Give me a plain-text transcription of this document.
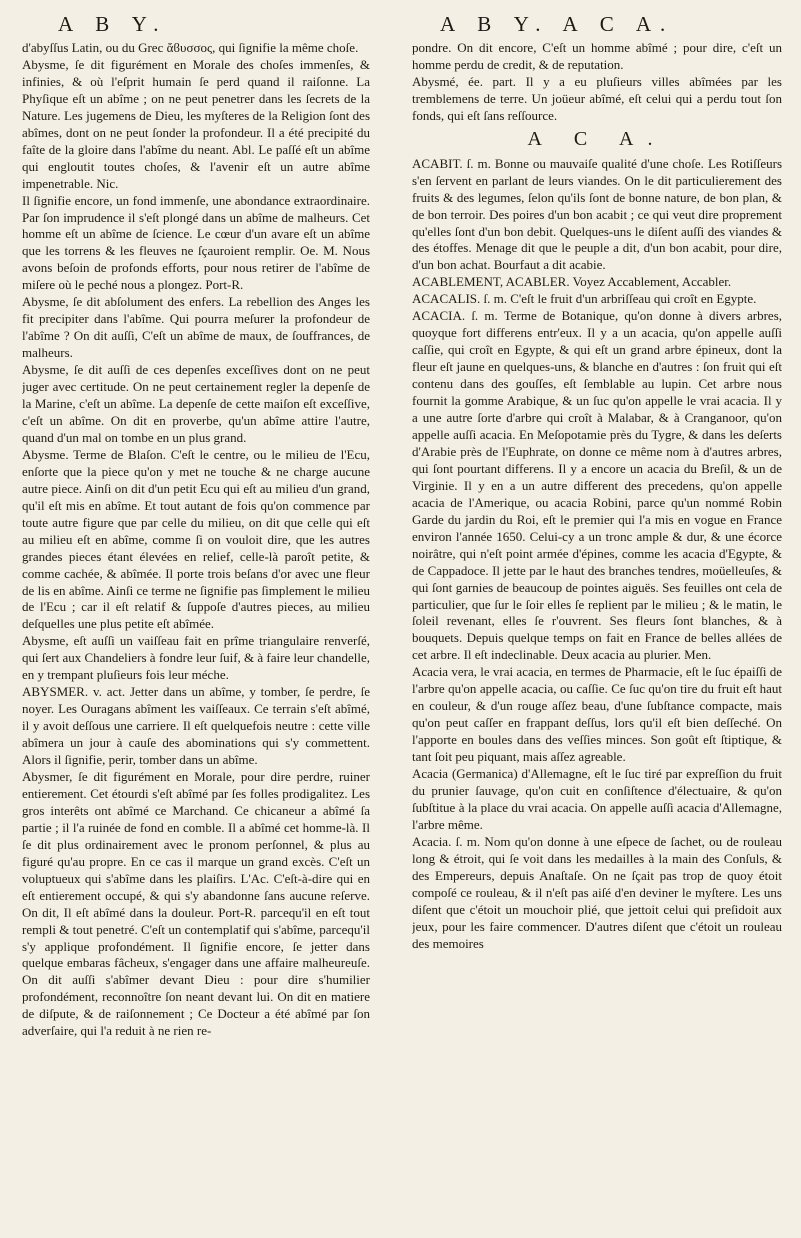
A B Y.	A B Y. A C A.

d'abyſſus Latin, ou du Grec ἄϐυσσος, qui ſignifie la même choſe.

Abysme, ſe dit figurément en Morale des choſes immenſes, & infinies, & où l'eſprit humain ſe perd quand il raiſonne. La Phyſique eſt un abîme ; on ne peut penetrer dans les ſecrets de la Nature. Les jugemens de Dieu, les myſteres de la Religion ſont des abîmes, dont on ne peut ſonder la profondeur. Il a été precipité du faîte de la gloire dans l'abîme du neant. Abl. Le paſſé eſt un abîme qui engloutit toutes choſes, & l'avenir eſt un autre abîme impenetrable. Nic.

Il ſignifie encore, un fond immenſe, une abondance extraordinaire. Par ſon imprudence il s'eſt plongé dans un abîme de malheurs. Cet homme eſt un abîme de ſcience. Le cœur d'un avare eſt un abîme que les torrens & les fleuves ne ſçauroient remplir. Oe. M. Nous avons beſoin de profonds efforts, pour nous retirer de l'abîme de miſere où le peché nous a plongez. Port-R.

Abysme, ſe dit abſolument des enfers. La rebellion des Anges les fit precipiter dans l'abîme. Qui pourra meſurer la profondeur de l'abîme ? On dit auſſi, C'eſt un abîme de maux, de ſouffrances, de malheurs.

Abysme, ſe dit auſſi de ces depenſes exceſſives dont on ne peut juger avec certitude. On ne peut certainement regler la depenſe de la Marine, c'eſt un abîme. La depenſe de cette maiſon eſt exceſſive, c'eſt un abîme. On dit en proverbe, qu'un abîme attire l'autre, quand d'un mal on tombe en un plus grand.

Abysme. Terme de Blaſon. C'eſt le centre, ou le milieu de l'Ecu, enſorte que la piece qu'on y met ne touche & ne charge aucune autre piece. Ainſi on dit d'un petit Ecu qui eſt au milieu d'un grand, qu'il eſt mis en abîme. Et tout autant de fois qu'on commence par toute autre figure que par celle du milieu, on dit que celle qui eſt au milieu eſt en abîme, comme ſi on vouloit dire, que les autres grandes pieces étant élevées en relief, celle-là paroît petite, & comme cachée, & abîmée. Il porte trois beſans d'or avec une fleur de lis en abîme. Ainſi ce terme ne ſignifie pas ſimplement le milieu de l'Ecu ; car il eſt relatif & ſuppoſe d'autres pieces, au milieu deſquelles une plus petite eſt abîmée.

Abysme, eſt auſſi un vaiſſeau fait en prîme triangulaire renverſé, qui ſert aux Chandeliers à fondre leur ſuif, & à faire leur chandelle, en y trempant pluſieurs fois leur méche.

ABYSMER. v. act. Jetter dans un abîme, y tomber, ſe perdre, ſe noyer. Les Ouragans abîment les vaiſſeaux. Ce terrain s'eſt abîmé, il y avoit deſſous une carriere. Il eſt quelquefois neutre : cette ville abîmera un jour à cauſe des abominations qui s'y commettent. Alors il ſignifie, perir, tomber dans un abîme.

Abysmer, ſe dit figurément en Morale, pour dire perdre, ruiner entierement. Cet étourdi s'eſt abîmé par ſes folles prodigalitez. Les gros interêts ont abîmé ce Marchand. Ce chicaneur a abîmé ſa partie ; il l'a ruinée de fond en comble. Il a abîmé cet homme-là. Il ſe dit plus ordinairement avec le pronom perſonnel, & plus au figuré qu'au propre. En ce cas il marque un grand excès. C'eſt un voluptueux qui s'abîme dans les plaiſirs. L'Ac. C'eſt-à-dire qui en eſt entierement occupé, & qui s'y abandonne ſans aucune reſerve. On dit, Il eſt abîmé dans la douleur. Port-R. parcequ'il en eſt tout rempli & tout penetré. C'eſt un contemplatif qui s'abîme, parcequ'il s'y applique profondément. Il ſignifie encore, ſe jetter dans quelque embaras fâcheux, s'engager dans une affaire malheureuſe. On dit auſſi s'abîmer devant Dieu : pour dire s'humilier profondément, reconnoître ſon neant devant lui. On dit en matiere de diſpute, & de raiſonnement ; Ce Docteur a été abîmé par ſon adverſaire, qui l'a reduit à ne rien re-

pondre. On dit encore, C'eſt un homme abîmé ; pour dire, c'eſt un homme perdu de credit, & de reputation.

Abysmé, ée. part. Il y a eu pluſieurs villes abîmées par les tremblemens de terre. Un joüeur abîmé, eſt celui qui a perdu tout ſon fonds, qui eſt ſans reſſource.

A C A.

ACABIT. ſ. m. Bonne ou mauvaiſe qualité d'une choſe. Les Rotiſſeurs s'en ſervent en parlant de leurs viandes. On le dit particulierement des fruits & des legumes, ſelon qu'ils ſont de bonne nature, de bon plan, & de bon terroir. Des poires d'un bon acabit ; ce qui veut dire proprement qu'elles ſont d'un bon debit. Quelques-uns le diſent auſſi des viandes & des étoffes. Menage dit que le peuple a dit, d'un bon acabit, pour dire, d'un bon achat. Bourfaut a dit acabie.

ACABLEMENT, ACABLER. Voyez Accablement, Accabler.

ACACALIS. ſ. m. C'eſt le fruit d'un arbriſſeau qui croît en Egypte.

ACACIA. ſ. m. Terme de Botanique, qu'on donne à divers arbres, quoyque fort differens entr'eux. Il y a un acacia, qu'on appelle auſſi caſſie, qui croît en Egypte, & qui eſt un grand arbre épineux, dont la fleur eſt jaune en quelques-uns, & blanche en d'autres : ſon fruit qui eſt contenu dans des gouſſes, eſt ſemblable au lupin. Cet arbre nous fournit la gomme Arabique, & un ſuc qu'on appelle le vrai acacia. Il y a une autre ſorte d'arbre qui croît à Malabar, & à Cranganoor, qu'on appelle auſſi acacia. En Meſopotamie près du Tygre, & dans les deſerts d'Arabie près de l'Euphrate, on donne ce même nom à d'autres arbres, qui ſont pourtant differens. Il y a encore un acacia du Breſil, & un de Virginie. Il y en a un autre different des precedens, qu'on appelle acacia de l'Amerique, ou acacia Robini, parce qu'un nommé Robin Garde du jardin du Roi, eſt le premier qui l'a mis en vogue en France environ l'année 1650. Celui-cy a un tronc ample & dur, & une écorce noirâtre, qui n'eſt point armée d'épines, comme les acacia d'Egypte, & de Cappadoce. Il jette par le haut des branches tendres, moüelleuſes, & qui ſont garnies de beaucoup de pointes aiguës. Ses feuilles ont cela de particulier, que ſur le ſoir elles ſe replient par le milieu ; & le matin, le ſoleil revenant, elles ſe r'ouvrent. Ses fleurs ſont blanches, & à bouquets. Depuis quelque temps on fait en France de belles allées de cet arbre. Il eſt indeclinable. Deux acacia au plurier. Men.

Acacia vera, le vrai acacia, en termes de Pharmacie, eſt le ſuc épaiſſi de l'arbre qu'on appelle acacia, ou caſſie. Ce ſuc qu'on tire du fruit eſt haut en couleur, & d'un rouge aſſez beau, d'une ſubſtance compacte, mais qu'on peut caſſer en frappant deſſus, lors qu'il eſt bien deſſeché. On l'apporte en boules dans des veſſies minces. Son goût eſt ſtiptique, & tant ſoit peu piquant, mais aſſez agreable.

Acacia (Germanica) d'Allemagne, eſt le ſuc tiré par expreſſion du fruit du prunier ſauvage, qu'on cuit en conſiſtence d'électuaire, & qu'on ſubſtitue à la place du vrai acacia. On appelle auſſi acacia d'Allemagne, l'arbre même.

Acacia. ſ. m. Nom qu'on donne à une eſpece de ſachet, ou de rouleau long & étroit, qui ſe voit dans les medailles à la main des Conſuls, & des Empereurs, depuis Anaſtaſe. On ne ſçait pas trop de quoy étoit compoſé ce rouleau, & il n'eſt pas aiſé d'en deviner le myſtere. Les uns diſent que c'étoit un mouchoir plié, que jettoit celui qui preſidoit aux jeux, pour les faire commencer. D'autres diſent que c'étoit un rouleau des memoires
